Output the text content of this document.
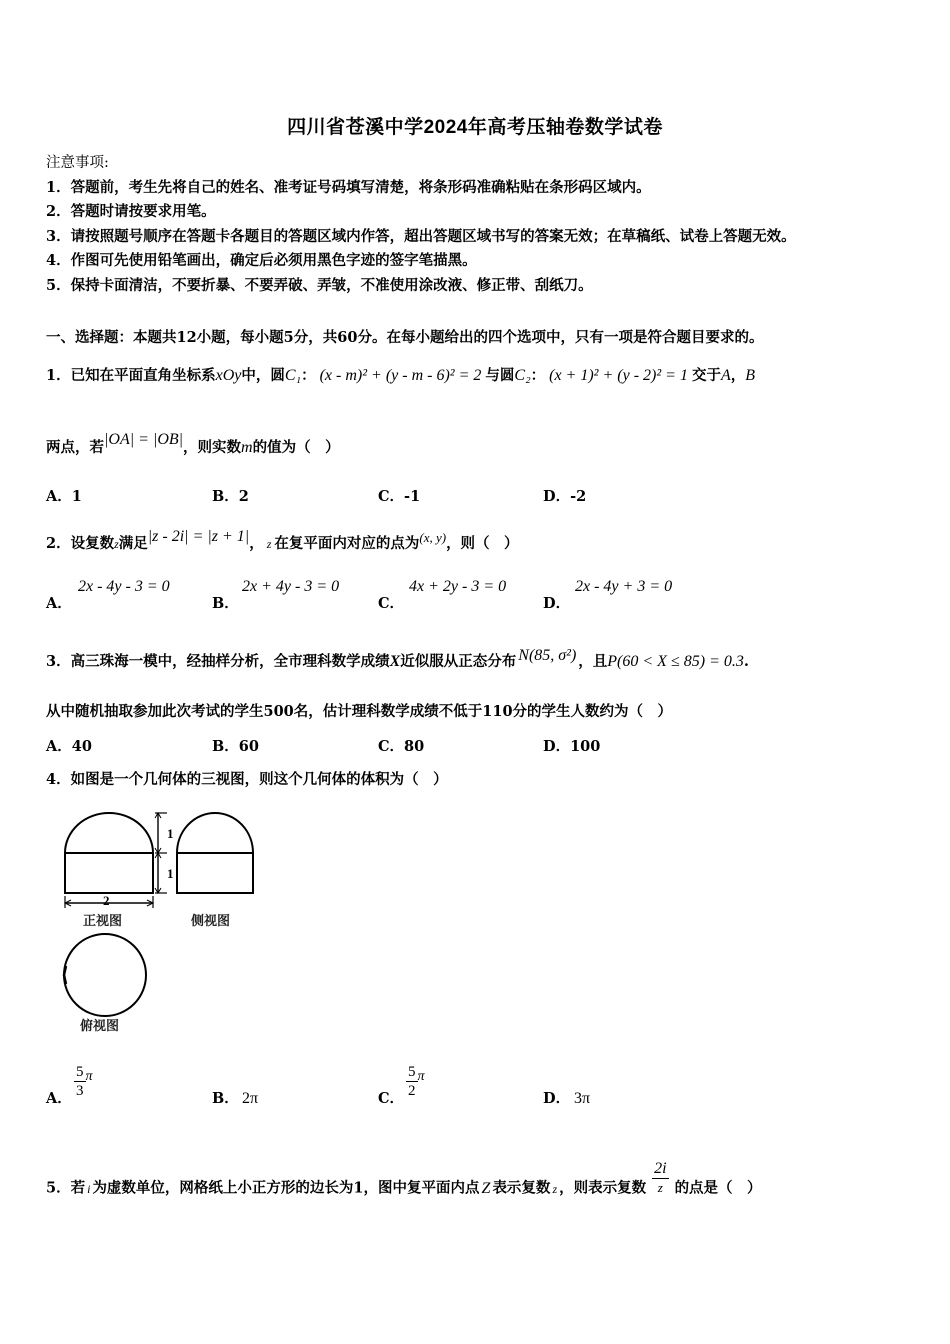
四川省苍溪中学2024年高考压轴卷数学试卷
注意事项:
1．答题前，考生先将自己的姓名、准考证号码填写清楚，将条形码准确粘贴在条形码区域内。
2．答题时请按要求用笔。
3．请按照题号顺序在答题卡各题目的答题区域内作答，超出答题区域书写的答案无效；在草稿纸、试卷上答题无效。
4．作图可先使用铅笔画出，确定后必须用黑色字迹的签字笔描黑。
5．保持卡面清洁，不要折暴、不要弄破、弄皱，不准使用涂改液、修正带、刮纸刀。
一、选择题：本题共12小题，每小题5分，共60分。在每小题给出的四个选项中，只有一项是符合题目要求的。
1．已知在平面直角坐标系xOy中，圆C₁： (x - m)² + (y - m - 6)² = 2 与圆C₂： (x + 1)² + (y - 2)² = 1 交于A，B
两点，若|OA| = |OB|，则实数m的值为（　）
A．1	B．2	C．-1	D．-2
2．设复数z满足|z - 2i| = |z + 1|， z 在复平面内对应的点为(x, y)，则（　）
A．
2x - 4y - 3 = 0
B．
2x + 4y - 3 = 0
C．
4x + 2y - 3 = 0
D．
2x - 4y + 3 = 0
3．高三珠海一模中，经抽样分析，全市理科数学成绩X近似服从正态分布 N(85, σ²) ，且P(60 < X ≤ 85) = 0.3.
从中随机抽取参加此次考试的学生500名，估计理科数学成绩不低于110分的学生人数约为（　）
A．40	B．60	C．80	D．100
4．如图是一个几何体的三视图，则这个几何体的体积为（　）
1
1
2
正视图	侧视图
俯视图
A． $\frac{5}{3}$ π
B． 2π	C． $\frac{5}{2}$ π
D． 3π
5．若 i 为虚数单位，网格纸上小正方形的边长为1，图中复平面内点 Z 表示复数 z ，则表示复数 $\frac{2i}{z}$ 的点是（　）
